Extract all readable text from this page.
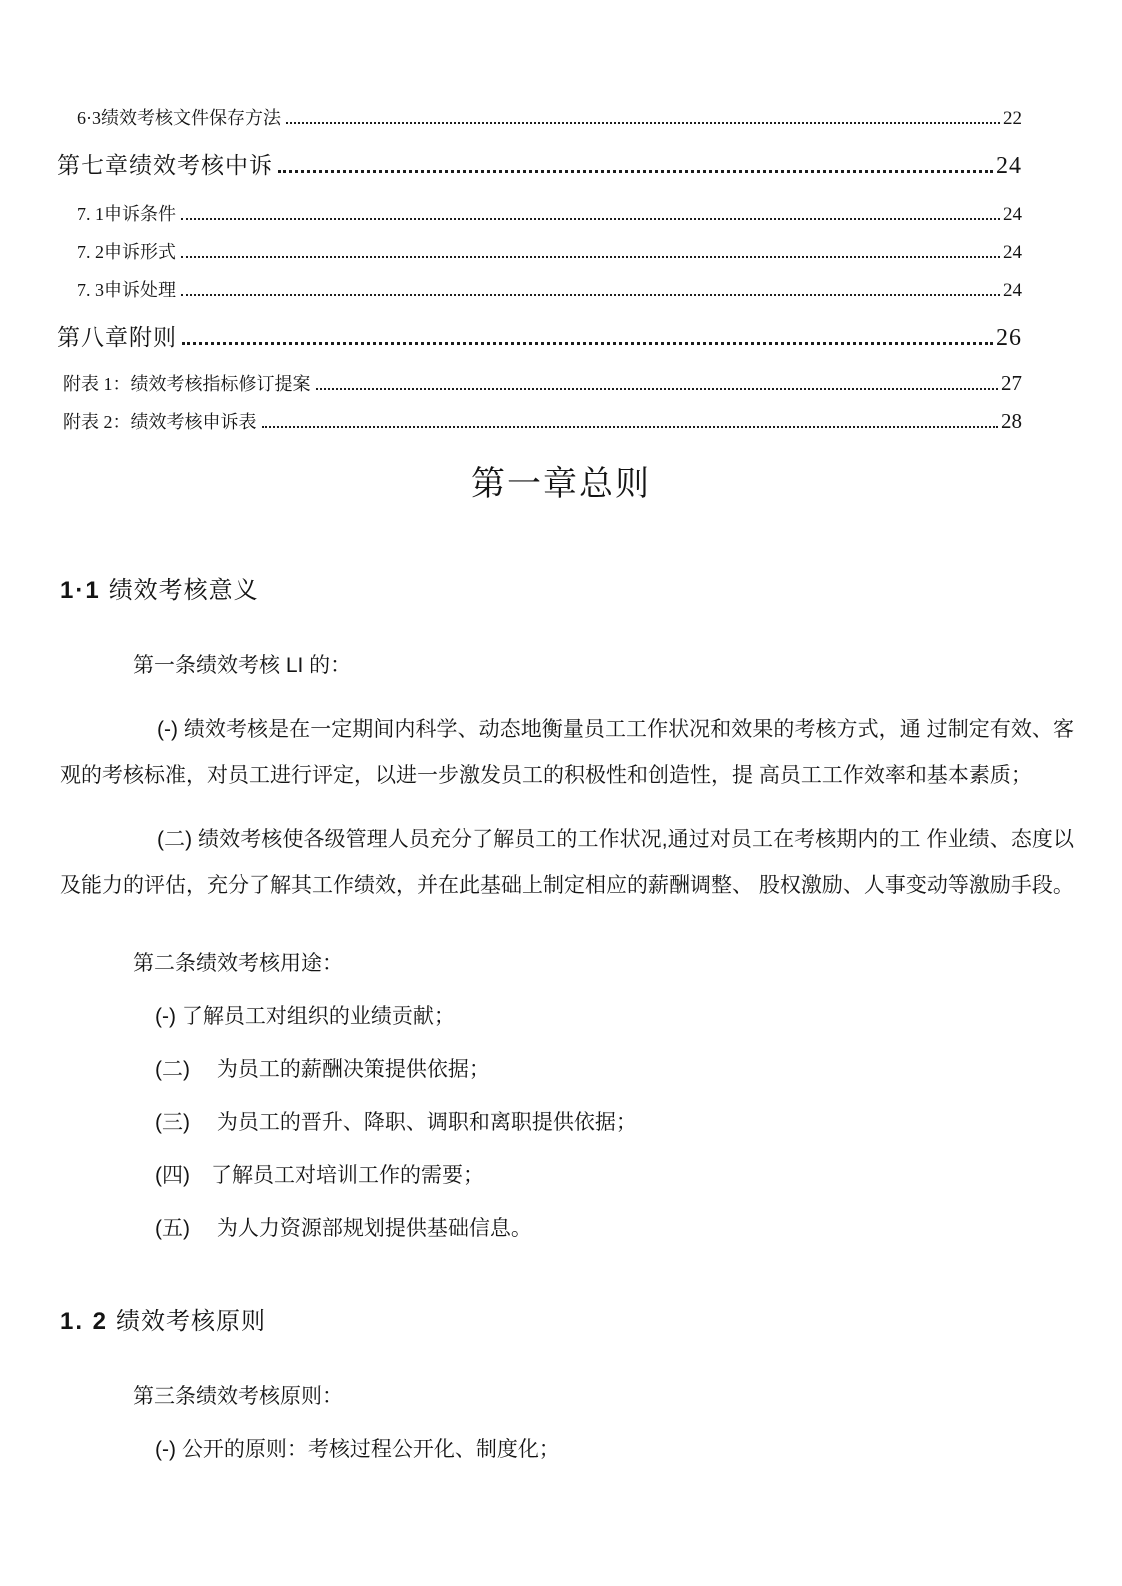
6·3绩效考核文件保存方法	22
第七章绩效考核中诉	24
7. 1申诉条件	24
7. 2申诉形式	24
7. 3申诉处理	24
第八章附则	26
附表 1：绩效考核指标修订提案	27
附表 2：绩效考核申诉表	28
第一章总则
1·1 绩效考核意义

第一条绩效考核 LI 的：

(-) 绩效考核是在一定期间内科学、动态地衡量员工工作状况和效果的考核方式，通 过制定有效、客观的考核标准，对员工进行评定，以进一步激发员工的积极性和创造性，提 高员工工作效率和基本素质；

(二) 绩效考核使各级管理人员充分了解员工的工作状况,通过对员工在考核期内的工 作业绩、态度以及能力的评估，充分了解其工作绩效，并在此基础上制定相应的薪酬调整、 股权激励、人事变动等激励手段。

第二条绩效考核用途：

(-) 了解员工对组织的业绩贡献；

(二)　 为员工的薪酬决策提供依据；

(三)　 为员工的晋升、降职、调职和离职提供依据；

(四)　了解员工对培训工作的需要；

(五)　 为人力资源部规划提供基础信息。

1. 2 绩效考核原则

第三条绩效考核原则：

(-) 公开的原则：考核过程公开化、制度化；
